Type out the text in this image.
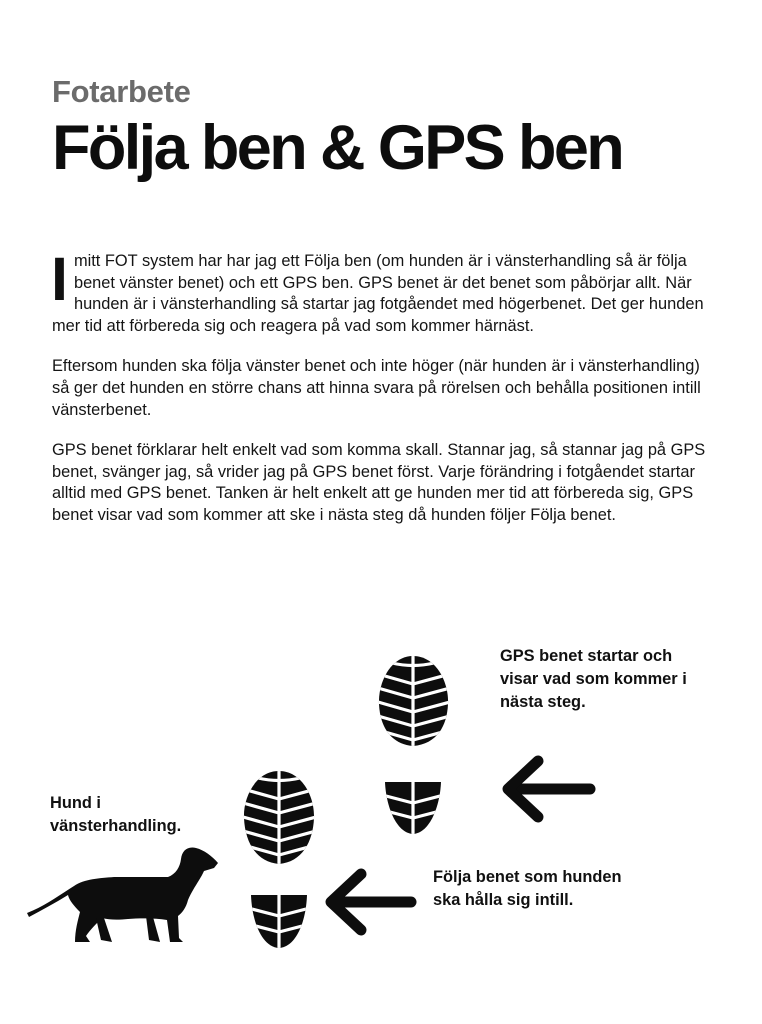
Fotarbete
Följa ben & GPS ben

Imitt FOT system har har jag ett Följa ben (om hunden är i vänsterhandling så är följa benet vänster benet) och ett GPS ben. GPS benet är det benet som påbörjar allt. När hunden är i vänsterhandling så startar jag fotgåendet med högerbenet. Det ger hunden mer tid att förbereda sig och reagera på vad som kommer härnäst.

Eftersom hunden ska följa vänster benet och inte höger (när hunden är i vänsterhandling) så ger det hunden en större chans att hinna svara på rörelsen och behålla positionen intill vänsterbenet.

GPS benet förklarar helt enkelt vad som komma skall. Stannar jag, så stannar jag på GPS benet, svänger jag, så vrider jag på GPS benet först. Varje förändring i fotgåendet startar alltid med GPS benet. Tanken är helt enkelt att ge hunden mer tid att förbereda sig, GPS benet visar vad som kommer att ske i nästa steg då hunden följer Följa benet.

GPS benet startar och visar vad som kommer i nästa steg.
Hund i vänsterhandling.
Följa benet som hunden ska hålla sig intill.
